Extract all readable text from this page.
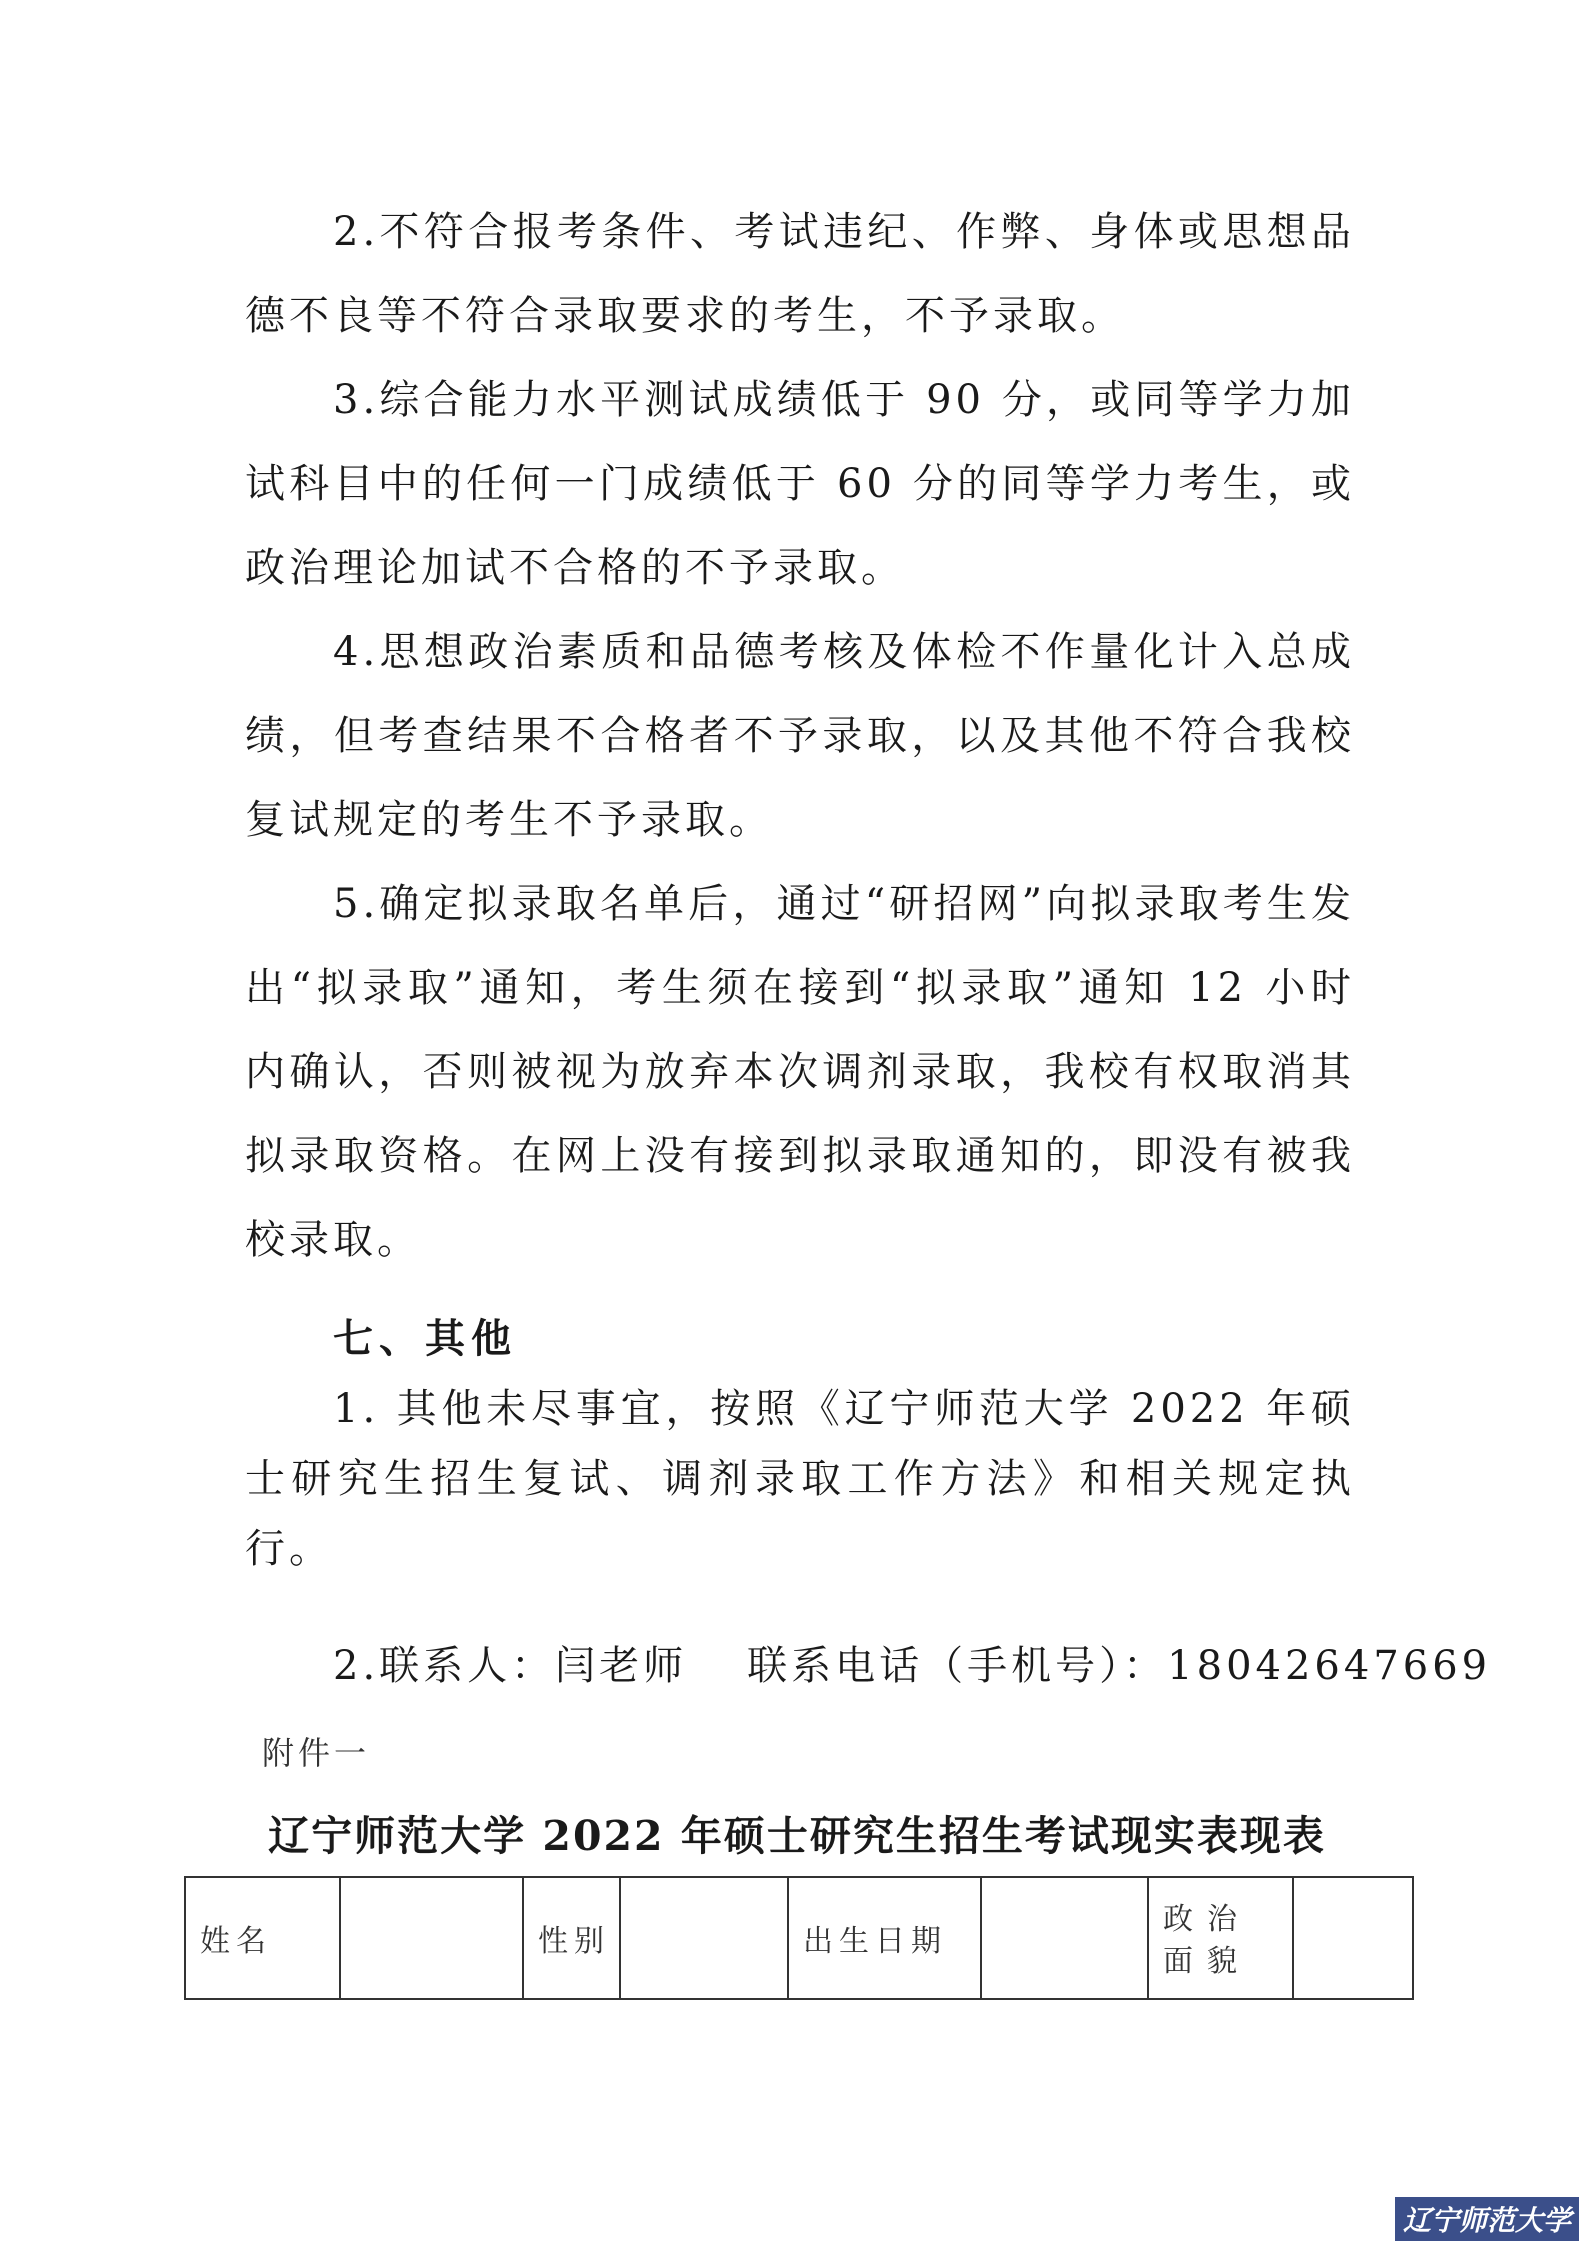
2.不符合报考条件、考试违纪、作弊、身体或思想品德不良等不符合录取要求的考生，不予录取。

3.综合能力水平测试成绩低于 90 分，或同等学力加试科目中的任何一门成绩低于 60 分的同等学力考生，或政治理论加试不合格的不予录取。

4.思想政治素质和品德考核及体检不作量化计入总成绩，但考查结果不合格者不予录取，以及其他不符合我校复试规定的考生不予录取。

5.确定拟录取名单后，通过“研招网”向拟录取考生发出“拟录取”通知，考生须在接到“拟录取”通知 12 小时内确认，否则被视为放弃本次调剂录取，我校有权取消其拟录取资格。在网上没有接到拟录取通知的，即没有被我校录取。

七、其他

1. 其他未尽事宜，按照《辽宁师范大学 2022 年硕士研究生招生复试、调剂录取工作方法》和相关规定执行。

2.联系人：闫老师 联系电话（手机号）：18042647669

附件一
辽宁师范大学 2022 年硕士研究生招生考试现实表现表
姓名		性别		出生日期		政治面貌	
辽宁师范大学
